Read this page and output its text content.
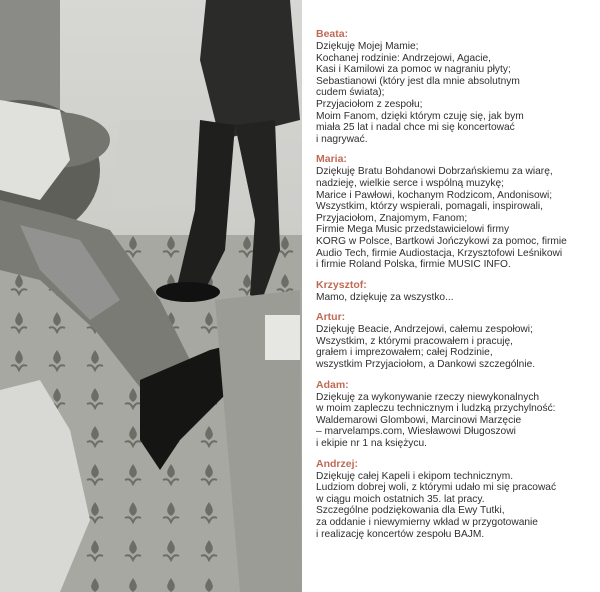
Beata:
Dziękuję Mojej Mamie;
Kochanej rodzinie: Andrzejowi, Agacie,
Kasi i Kamilowi za pomoc w nagraniu płyty;
Sebastianowi (który jest dla mnie absolutnym
cudem świata);
Przyjaciołom z zespołu;
Moim Fanom, dzięki którym czuję się, jak bym
miała 25 lat i nadal chce mi się koncertować
i nagrywać.
Maria:
Dziękuję Bratu Bohdanowi Dobrzańskiemu za wiarę,
nadzieję, wielkie serce i wspólną muzykę;
Marice i Pawłowi, kochanym Rodzicom, Andonisowi;
Wszystkim, którzy wspierali, pomagali, inspirowali,
Przyjaciołom, Znajomym, Fanom;
Firmie Mega Music przedstawicielowi firmy
KORG w Polsce, Bartkowi Jończykowi za pomoc, firmie
Audio Tech, firmie Audiostacja, Krzysztofowi Leśnikowi
i firmie Roland Polska, firmie MUSIC INFO.
Krzysztof:
Mamo, dziękuję za wszystko...
Artur:
Dziękuję Beacie, Andrzejowi, całemu zespołowi;
Wszystkim, z którymi pracowałem i pracuję,
grałem i imprezowałem; całej Rodzinie,
wszystkim Przyjaciołom, a Dankowi szczególnie.
Adam:
Dziękuję za wykonywanie rzeczy niewykonalnych
w moim zapleczu technicznym i ludzką przychylność:
Waldemarowi Glombowi, Marcinowi Marzęcie
– marvelamps.com, Wiesławowi Długoszowi
i ekipie nr 1 na księżycu.
Andrzej:
Dziękuję całej Kapeli i ekipom technicznym.
Ludziom dobrej woli, z którymi udało mi się pracować
w ciągu moich ostatnich 35. lat pracy.
Szczególne podziękowania dla Ewy Tutki,
za oddanie i niewymierny wkład w przygotowanie
i realizację koncertów zespołu BAJM.
